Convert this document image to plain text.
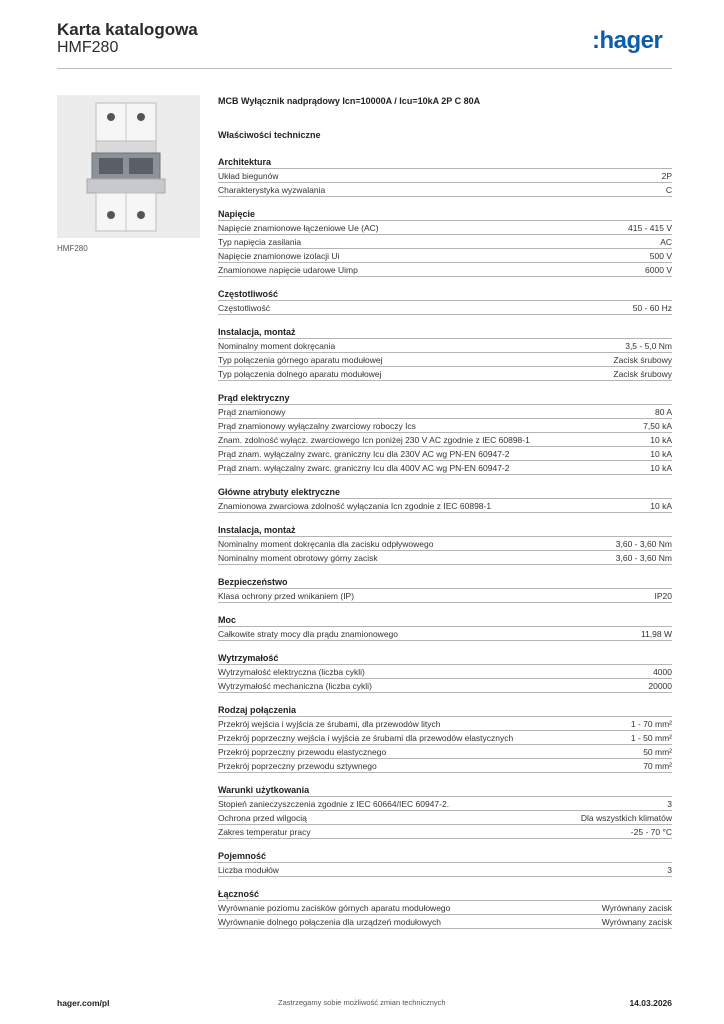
Karta katalogowa
HMF280	:hager
HMF280
MCB Wyłącznik nadprądowy Icn=10000A / Icu=10kA 2P C 80A
Właściwości techniczne
Architektura
Układ biegunów	2P
Charakterystyka wyzwalania	C
Napięcie
Napięcie znamionowe łączeniowe Ue (AC)	415 - 415 V
Typ napięcia zasilania	AC
Napięcie znamionowe izolacji Ui	500 V
Znamionowe napięcie udarowe Uimp	6000 V
Częstotliwość
Częstotliwość	50 - 60 Hz
Instalacja, montaż
Nominalny moment dokręcania	3,5 - 5,0 Nm
Typ połączenia górnego aparatu modułowej	Zacisk śrubowy
Typ połączenia dolnego aparatu modułowej	Zacisk śrubowy
Prąd elektryczny
Prąd znamionowy	80 A
Prąd znamionowy wyłączalny zwarciowy roboczy Ics	7,50 kA
Znam. zdolność wyłącz. zwarciowego Icn poniżej 230 V AC zgodnie z IEC 60898-1	10 kA
Prąd znam. wyłączalny zwarc. graniczny Icu dla 230V AC wg PN-EN 60947-2	10 kA
Prąd znam. wyłączalny zwarc. graniczny Icu dla 400V AC wg PN-EN 60947-2	10 kA
Główne atrybuty elektryczne
Znamionowa zwarciowa zdolność wyłączania Icn zgodnie z IEC 60898-1	10 kA
Instalacja, montaż
Nominalny moment dokręcania dla zacisku odpływowego	3,60 - 3,60 Nm
Nominalny moment obrotowy górny zacisk	3,60 - 3,60 Nm
Bezpieczeństwo
Klasa ochrony przed wnikaniem (IP)	IP20
Moc
Całkowite straty mocy dla prądu znamionowego	11,98 W
Wytrzymałość
Wytrzymałość elektryczna (liczba cykli)	4000
Wytrzymałość mechaniczna (liczba cykli)	20000
Rodzaj połączenia
Przekrój wejścia i wyjścia ze śrubami, dla przewodów litych	1 - 70 mm²
Przekrój poprzeczny wejścia i wyjścia ze śrubami dla przewodów elastycznych	1 - 50 mm²
Przekrój poprzeczny przewodu elastycznego	50 mm²
Przekrój poprzeczny przewodu sztywnego	70 mm²
Warunki użytkowania
Stopień zanieczyszczenia zgodnie z IEC 60664/IEC 60947-2.	3
Ochrona przed wilgocią	Dla wszystkich klimatów
Zakres temperatur pracy	-25 - 70 °C
Pojemność
Liczba modułów	3
Łączność
Wyrównanie poziomu zacisków górnych aparatu modułowego	Wyrównany zacisk
Wyrównanie dolnego połączenia dla urządzeń modułowych	Wyrównany zacisk
hager.com/pl	Zastrzegamy sobie możliwość zmian technicznych	14.03.2026
